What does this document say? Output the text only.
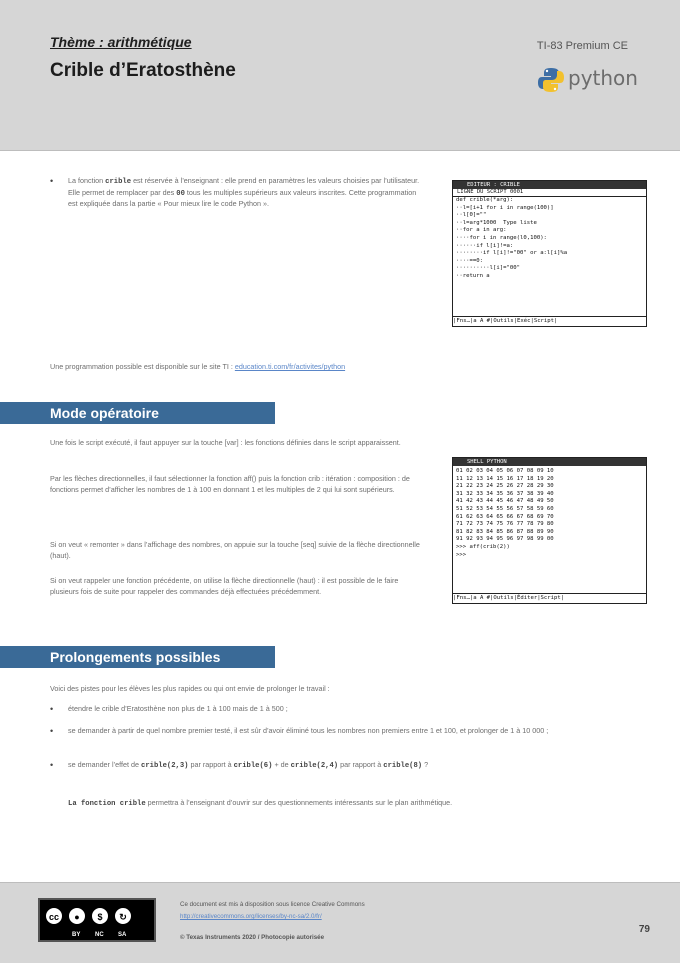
Thème : arithmétique
Crible d’Eratosthène
TI-83 Premium CE
python
• La fonction crible est réservée à l’enseignant : elle prend en paramètres les valeurs choisies par l’utilisateur. Elle permet de remplacer par des 00 tous les multiples supérieurs aux valeurs inscrites. Cette programmation est expliquée dans la partie « Pour mieux lire le code Python ».

EDITEUR : CRIBLE
LIGNE DU SCRIPT 0001
def crible(*arg):
··l=[i+1 for i in range(100)]
··l[0]=""
··l=arg*1000  Type liste
··for a in arg:
····for i in range(l0,100):
······if l[i]!=a:
········if l[i]!="00" or a:l[i]%a
····==0:
··········l[i]="00"
··return a
|Fns…|a A #|Outils|Exéc|Script|

Une programmation possible est disponible sur le site TI : education.ti.com/fr/activites/python

Mode opératoire

Une fois le script exécuté, il faut appuyer sur la touche [var] : les fonctions définies dans le script apparaissent.

Par les flèches directionnelles, il faut sélectionner la fonction aff() puis la fonction crib : itération : composition : de fonctions permet d’afficher les nombres de 1 à 100 en donnant 1 et les multiples de 2 qui lui sont supérieurs.

Si on veut « remonter » dans l’affichage des nombres, on appuie sur la touche [seq] suivie de la flèche directionnelle (haut).

Si on veut rappeler une fonction précédente, on utilise la flèche directionnelle (haut) : il est possible de le faire plusieurs fois de suite pour rappeler des commandes déjà effectuées précédemment.

SHELL PYTHON
01 02 03 04 05 06 07 08 09 10
11 12 13 14 15 16 17 18 19 20
21 22 23 24 25 26 27 28 29 30
31 32 33 34 35 36 37 38 39 40
41 42 43 44 45 46 47 48 49 50
51 52 53 54 55 56 57 58 59 60
61 62 63 64 65 66 67 68 69 70
71 72 73 74 75 76 77 78 79 80
81 82 83 84 85 86 87 88 89 90
91 92 93 94 95 96 97 98 99 00
>>> aff(crib(2))
>>>
|Fns…|a A #|Outils|Éditer|Script|
Prolongements possibles

Voici des pistes pour les élèves les plus rapides ou qui ont envie de prolonger le travail :

• étendre le crible d’Eratosthène non plus de 1 à 100 mais de 1 à 500 ;

• se demander à partir de quel nombre premier testé, il est sûr d’avoir éliminé tous les nombres non premiers entre 1 et 100, et prolonger de 1 à 10 000 ;

• se demander l’effet de crible(2,3) par rapport à crible(6) + de crible(2,4) par rapport à crible(8) ?

La fonction crible permettra à l’enseignant d’ouvrir sur des questionnements intéressants sur le plan arithmétique.

cc	●	$	↻
BY NC SA
Ce document est mis à disposition sous licence Creative Commons
http://creativecommons.org/licenses/by-nc-sa/2.0/fr/
© Texas Instruments 2020 / Photocopie autorisée
79
